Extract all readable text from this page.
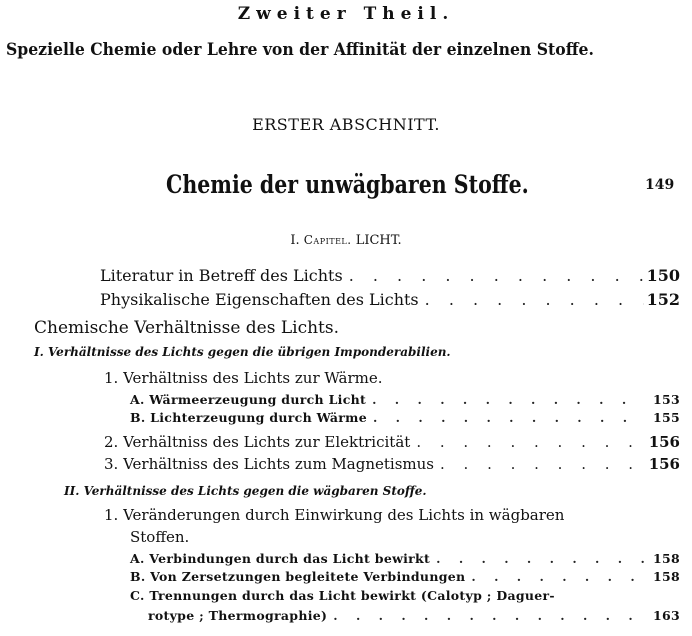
Zweiter Theil.
Spezielle Chemie oder Lehre von der Affinität der einzelnen Stoffe.
ERSTER ABSCHNITT.
Chemie der unwägbaren Stoffe.	149
I. Capitel. LICHT.
Literatur in Betreff des Lichts . . .	150
Physikalische Eigenschaften des Lichts . . .	152
Chemische Verhältnisse des Lichts.
I. Verhältnisse des Lichts gegen die übrigen Imponderabilien.
1. Verhältniss des Lichts zur Wärme.
A. Wärmeerzeugung durch Licht . . .	153
B. Lichterzeugung durch Wärme . . .	155
2. Verhältniss des Lichts zur Elektricität . . .	156
3. Verhältniss des Lichts zum Magnetismus . . .	156
II. Verhältnisse des Lichts gegen die wägbaren Stoffe.
1. Veränderungen durch Einwirkung des Lichts in wägbaren
Stoffen.
A. Verbindungen durch das Licht bewirkt . . .	158
B. Von Zersetzungen begleitete Verbindungen . . .	158
C. Trennungen durch das Licht bewirkt (Calotyp ; Daguer-
rotype ; Thermographie) . . .	163
